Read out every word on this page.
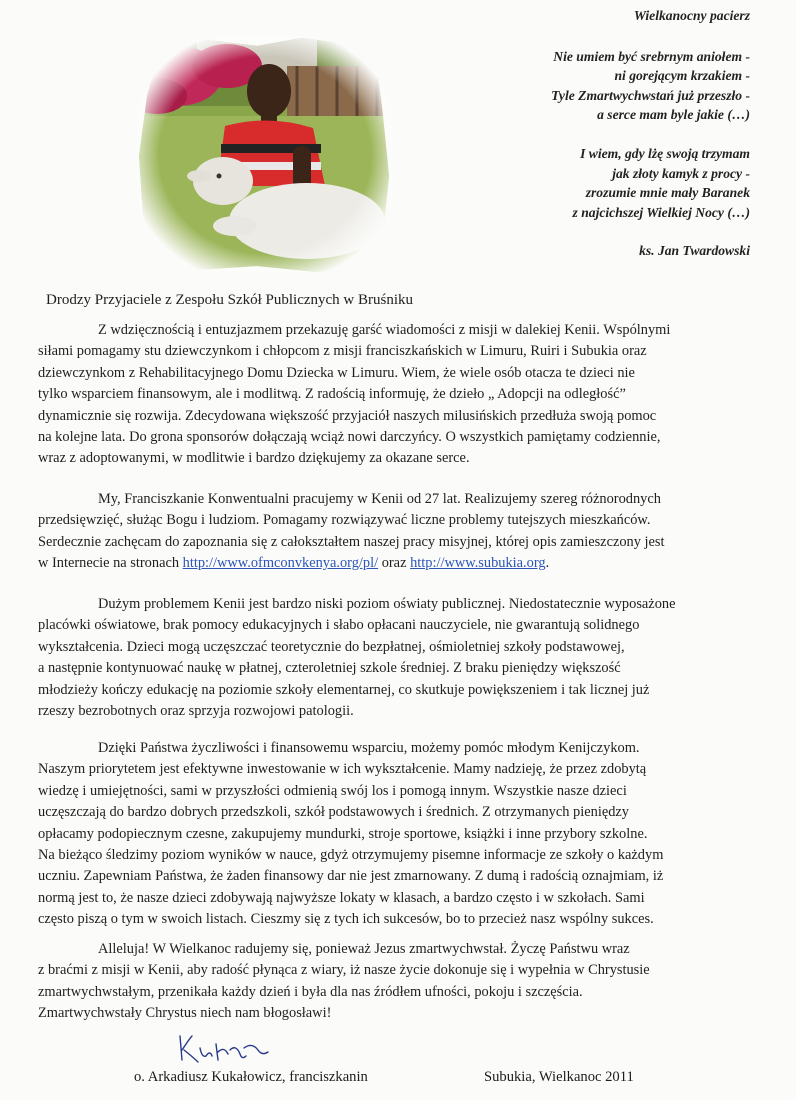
Wielkanocny pacierz
Nie umiem być srebrnym aniołem -
ni gorejącym krzakiem -
Tyle Zmartwychwstań już przeszło -
a serce mam byle jakie (…)
I wiem, gdy lżę swoją trzymam
jak złoty kamyk z procy -
zrozumie mnie mały Baranek
z najcichszej Wielkiej Nocy (…)
ks. Jan Twardowski
Drodzy Przyjaciele z Zespołu Szkół Publicznych w Bruśniku
Z wdzięcznością i entuzjazmem przekazuję garść wiadomości z misji w dalekiej Kenii. Wspólnymi
siłami pomagamy stu dziewczynkom i chłopcom z misji franciszkańskich w Limuru, Ruiri i Subukia oraz
dziewczynkom z Rehabilitacyjnego Domu Dziecka w Limuru. Wiem, że wiele osób otacza te dzieci nie
tylko wsparciem finansowym, ale i modlitwą. Z radością informuję, że dzieło „ Adopcji na odległość”
dynamicznie się rozwija. Zdecydowana większość przyjaciół naszych milusińskich przedłuża swoją pomoc
na kolejne lata. Do grona sponsorów dołączają wciąż nowi darczyńcy. O wszystkich pamiętamy codziennie,
wraz z adoptowanymi, w modlitwie i bardzo dziękujemy za okazane serce.
My, Franciszkanie Konwentualni pracujemy w Kenii od 27 lat. Realizujemy szereg różnorodnych
przedsięwzięć, służąc Bogu i ludziom. Pomagamy rozwiązywać liczne problemy tutejszych mieszkańców.
Serdecznie zachęcam do zapoznania się z całokształtem naszej pracy misyjnej, której opis zamieszczony jest
w Internecie na stronach http://www.ofmconvkenya.org/pl/ oraz http://www.subukia.org.
Dużym problemem Kenii jest bardzo niski poziom oświaty publicznej. Niedostatecznie wyposażone
placówki oświatowe, brak pomocy edukacyjnych i słabo opłacani nauczyciele, nie gwarantują solidnego
wykształcenia. Dzieci mogą uczęszczać teoretycznie do bezpłatnej, ośmioletniej szkoły podstawowej,
a następnie kontynuować naukę w płatnej, czteroletniej szkole średniej. Z braku pieniędzy większość
młodzieży kończy edukację na poziomie szkoły elementarnej, co skutkuje powiększeniem i tak licznej już
rzeszy bezrobotnych oraz sprzyja rozwojowi patologii.
Dzięki Państwa życzliwości i finansowemu wsparciu, możemy pomóc młodym Kenijczykom.
Naszym priorytetem jest efektywne inwestowanie w ich wykształcenie. Mamy nadzieję, że przez zdobytą
wiedzę i umiejętności, sami w przyszłości odmienią swój los i pomogą innym. Wszystkie nasze dzieci
uczęszczają do bardzo dobrych przedszkoli, szkół podstawowych i średnich. Z otrzymanych pieniędzy
opłacamy podopiecznym czesne, zakupujemy mundurki, stroje sportowe, książki i inne przybory szkolne.
Na bieżąco śledzimy poziom wyników w nauce, gdyż otrzymujemy pisemne informacje ze szkoły o każdym
uczniu. Zapewniam Państwa, że żaden finansowy dar nie jest zmarnowany. Z dumą i radością oznajmiam, iż
normą jest to, że nasze dzieci zdobywają najwyższe lokaty w klasach, a bardzo często i w szkołach. Sami
często piszą o tym w swoich listach. Cieszmy się z tych ich sukcesów, bo to przecież nasz wspólny sukces.
Alleluja! W Wielkanoc radujemy się, ponieważ Jezus zmartwychwstał. Życzę Państwu wraz
z braćmi z misji w Kenii, aby radość płynąca z wiary, iż nasze życie dokonuje się i wypełnia w Chrystusie
zmartwychwstałym, przenikała każdy dzień i była dla nas źródłem ufności, pokoju i szczęścia.
Zmartwychwstały Chrystus niech nam błogosławi!
o. Arkadiusz Kukałowicz, franciszkanin	Subukia, Wielkanoc 2011
